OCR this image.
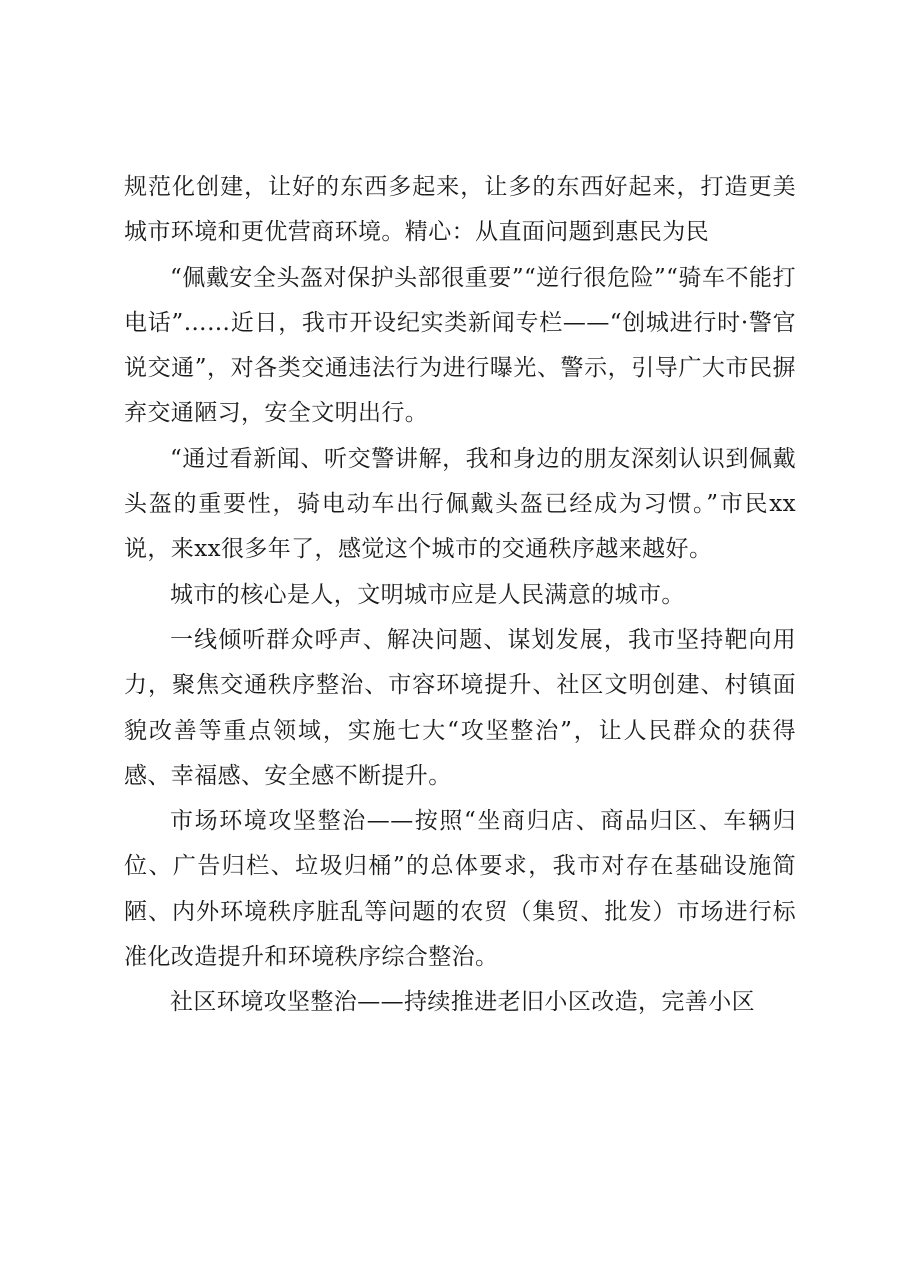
规范化创建，让好的东西多起来，让多的东西好起来，打造更美城市环境和更优营商环境。精心：从直面问题到惠民为民

“佩戴安全头盔对保护头部很重要”“逆行很危险”“骑车不能打电话”……近日，我市开设纪实类新闻专栏——“创城进行时·警官说交通”，对各类交通违法行为进行曝光、警示，引导广大市民摒弃交通陋习，安全文明出行。

“通过看新闻、听交警讲解，我和身边的朋友深刻认识到佩戴头盔的重要性，骑电动车出行佩戴头盔已经成为习惯。”市民xx说，来xx很多年了，感觉这个城市的交通秩序越来越好。

城市的核心是人，文明城市应是人民满意的城市。

一线倾听群众呼声、解决问题、谋划发展，我市坚持靶向用力，聚焦交通秩序整治、市容环境提升、社区文明创建、村镇面貌改善等重点领域，实施七大“攻坚整治”，让人民群众的获得感、幸福感、安全感不断提升。

市场环境攻坚整治——按照“坐商归店、商品归区、车辆归位、广告归栏、垃圾归桶”的总体要求，我市对存在基础设施简陋、内外环境秩序脏乱等问题的农贸（集贸、批发）市场进行标准化改造提升和环境秩序综合整治。

社区环境攻坚整治——持续推进老旧小区改造，完善小区
